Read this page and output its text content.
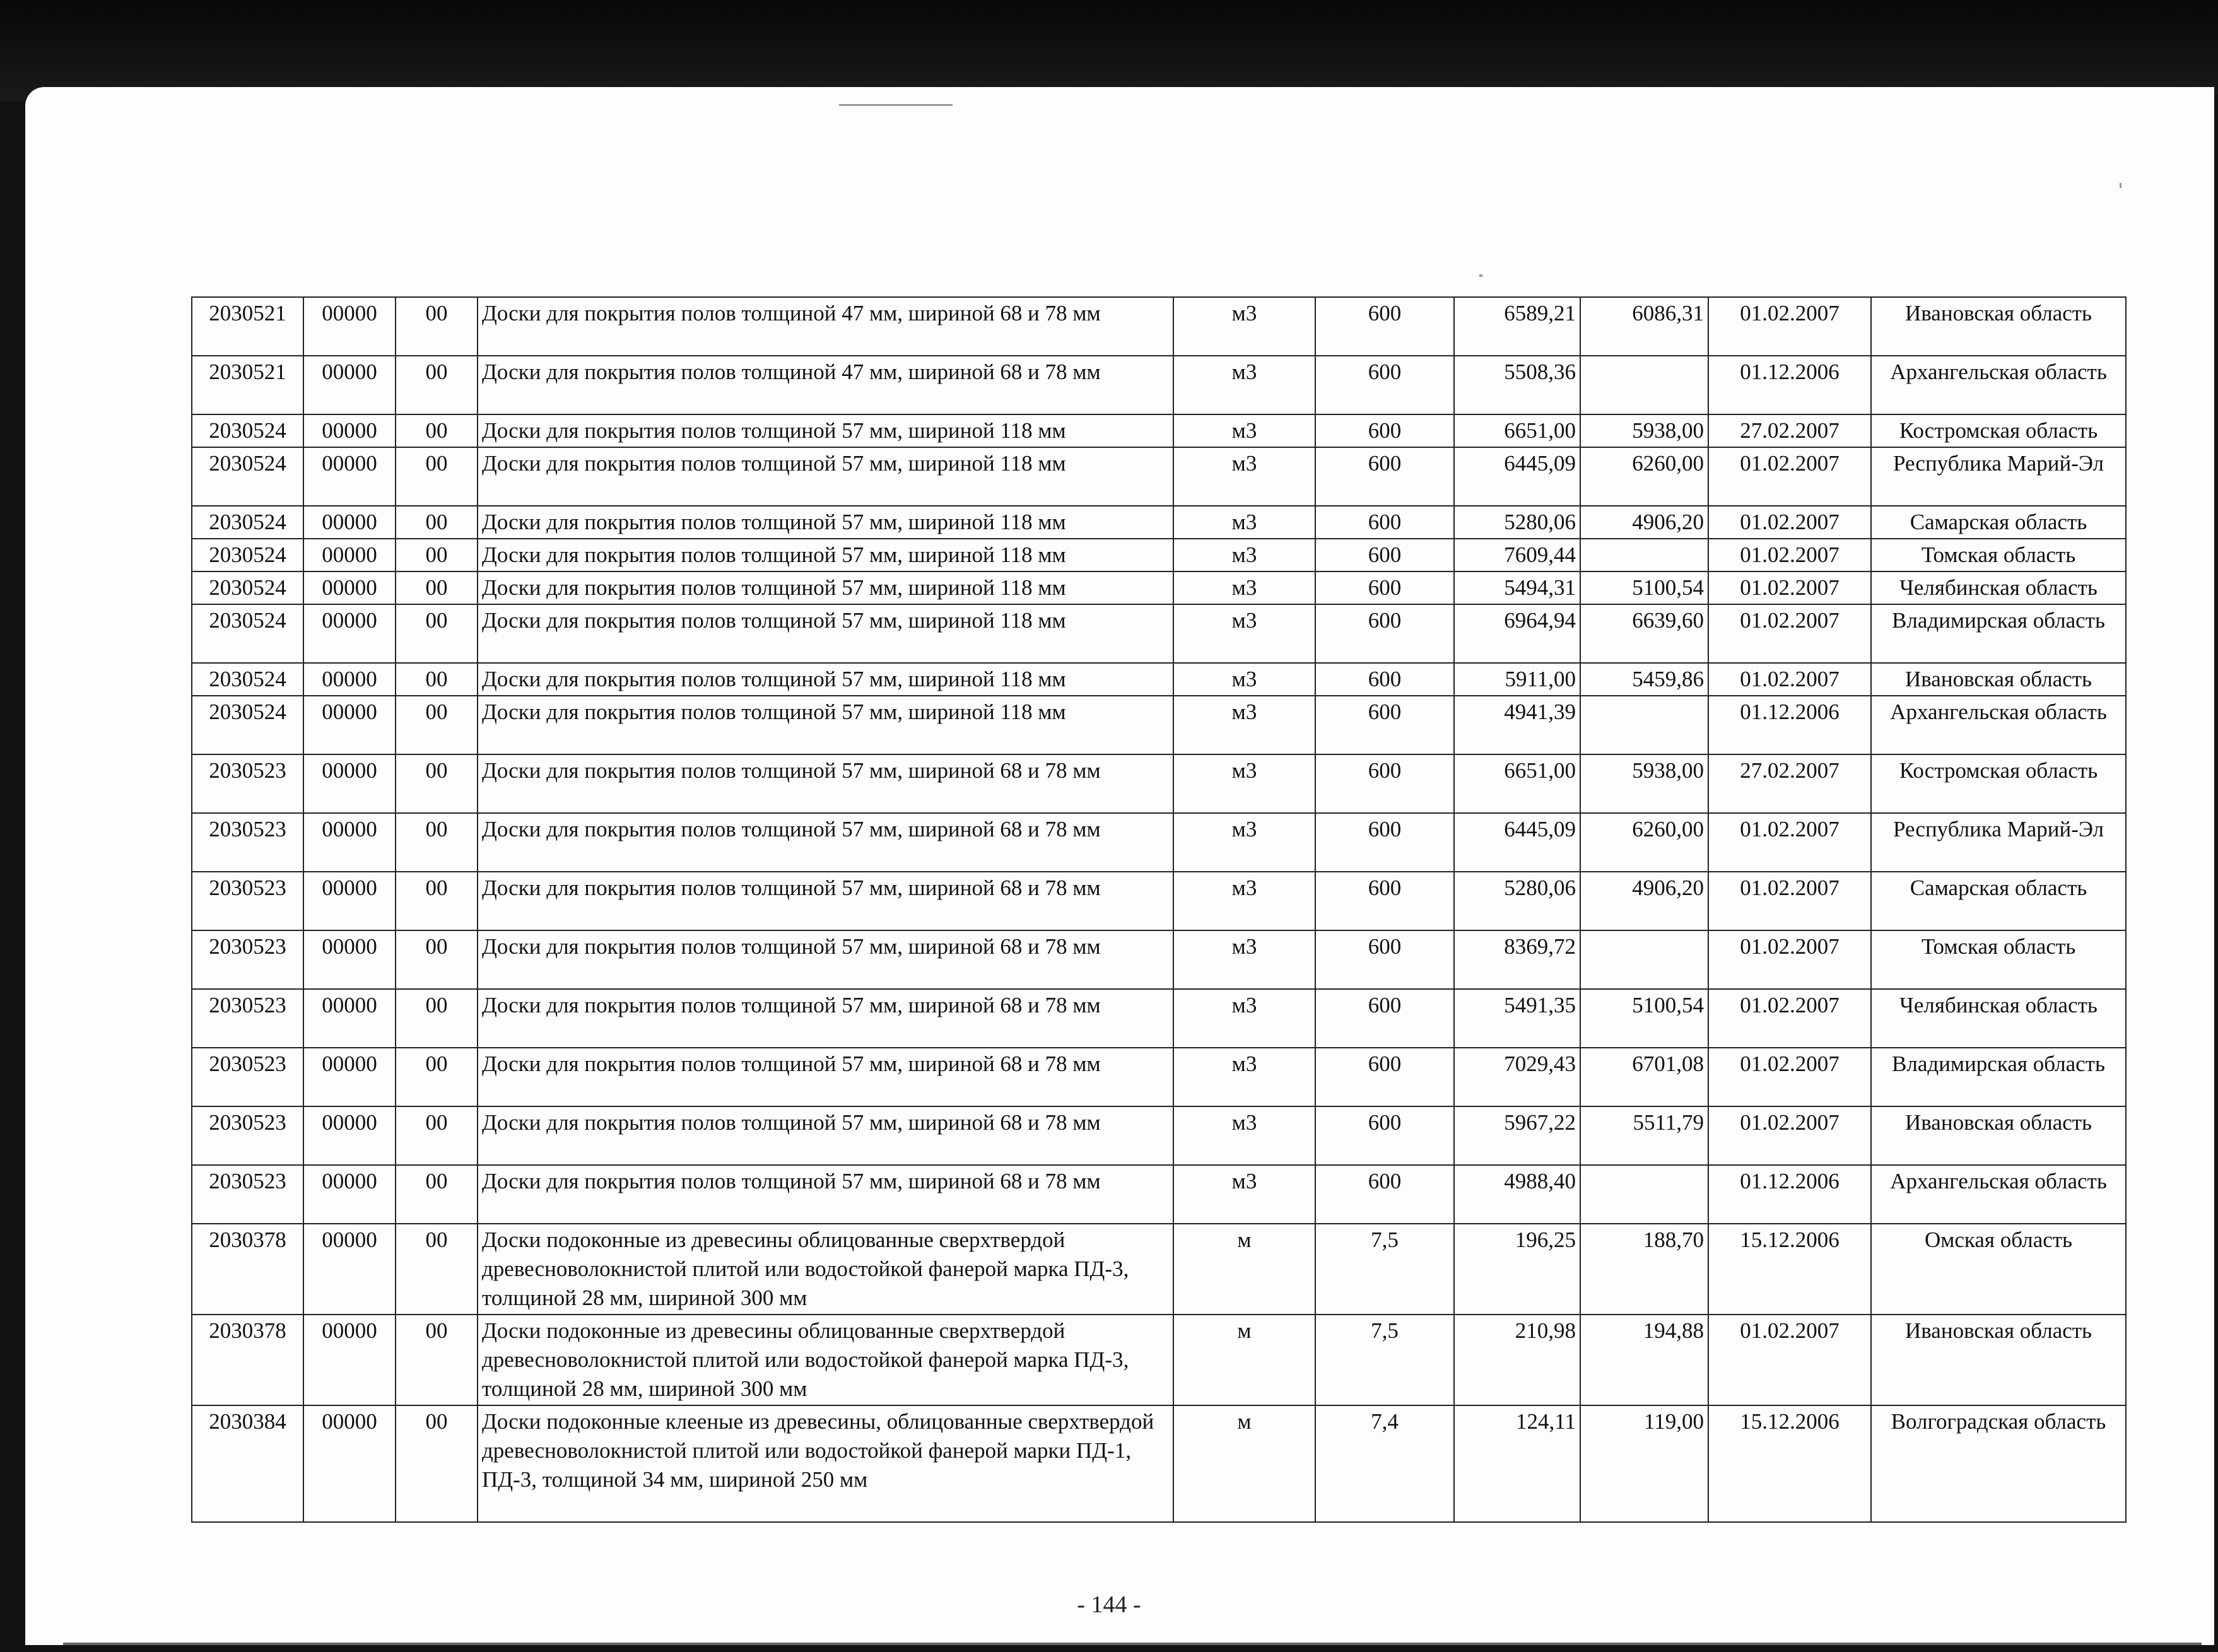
2030521	00000	00	Доски для покрытия полов толщиной 47 мм, шириной 68 и 78 мм	м3	600	6589,21	6086,31	01.02.2007	Ивановская область
2030521	00000	00	Доски для покрытия полов толщиной 47 мм, шириной 68 и 78 мм	м3	600	5508,36		01.12.2006	Архангельская область
2030524	00000	00	Доски для покрытия полов толщиной 57 мм, шириной 118 мм	м3	600	6651,00	5938,00	27.02.2007	Костромская область
2030524	00000	00	Доски для покрытия полов толщиной 57 мм, шириной 118 мм	м3	600	6445,09	6260,00	01.02.2007	Республика Марий-Эл
2030524	00000	00	Доски для покрытия полов толщиной 57 мм, шириной 118 мм	м3	600	5280,06	4906,20	01.02.2007	Самарская область
2030524	00000	00	Доски для покрытия полов толщиной 57 мм, шириной 118 мм	м3	600	7609,44		01.02.2007	Томская область
2030524	00000	00	Доски для покрытия полов толщиной 57 мм, шириной 118 мм	м3	600	5494,31	5100,54	01.02.2007	Челябинская область
2030524	00000	00	Доски для покрытия полов толщиной 57 мм, шириной 118 мм	м3	600	6964,94	6639,60	01.02.2007	Владимирская область
2030524	00000	00	Доски для покрытия полов толщиной 57 мм, шириной 118 мм	м3	600	5911,00	5459,86	01.02.2007	Ивановская область
2030524	00000	00	Доски для покрытия полов толщиной 57 мм, шириной 118 мм	м3	600	4941,39		01.12.2006	Архангельская область
2030523	00000	00	Доски для покрытия полов толщиной 57 мм, шириной 68 и 78 мм	м3	600	6651,00	5938,00	27.02.2007	Костромская область
2030523	00000	00	Доски для покрытия полов толщиной 57 мм, шириной 68 и 78 мм	м3	600	6445,09	6260,00	01.02.2007	Республика Марий-Эл
2030523	00000	00	Доски для покрытия полов толщиной 57 мм, шириной 68 и 78 мм	м3	600	5280,06	4906,20	01.02.2007	Самарская область
2030523	00000	00	Доски для покрытия полов толщиной 57 мм, шириной 68 и 78 мм	м3	600	8369,72		01.02.2007	Томская область
2030523	00000	00	Доски для покрытия полов толщиной 57 мм, шириной 68 и 78 мм	м3	600	5491,35	5100,54	01.02.2007	Челябинская область
2030523	00000	00	Доски для покрытия полов толщиной 57 мм, шириной 68 и 78 мм	м3	600	7029,43	6701,08	01.02.2007	Владимирская область
2030523	00000	00	Доски для покрытия полов толщиной 57 мм, шириной 68 и 78 мм	м3	600	5967,22	5511,79	01.02.2007	Ивановская область
2030523	00000	00	Доски для покрытия полов толщиной 57 мм, шириной 68 и 78 мм	м3	600	4988,40		01.12.2006	Архангельская область
2030378	00000	00	Доски подоконные из древесины облицованные сверхтвердой древесноволокнистой плитой или водостойкой фанерой марка ПД-3, толщиной 28 мм, шириной 300 мм	м	7,5	196,25	188,70	15.12.2006	Омская область
2030378	00000	00	Доски подоконные из древесины облицованные сверхтвердой древесноволокнистой плитой или водостойкой фанерой марка ПД-3, толщиной 28 мм, шириной 300 мм	м	7,5	210,98	194,88	01.02.2007	Ивановская область
2030384	00000	00	Доски подоконные клееные из древесины, облицованные сверхтвердой древесноволокнистой плитой или водостойкой фанерой марки ПД-1, ПД-3, толщиной 34 мм, шириной 250 мм	м	7,4	124,11	119,00	15.12.2006	Волгоградская область
- 144 -
